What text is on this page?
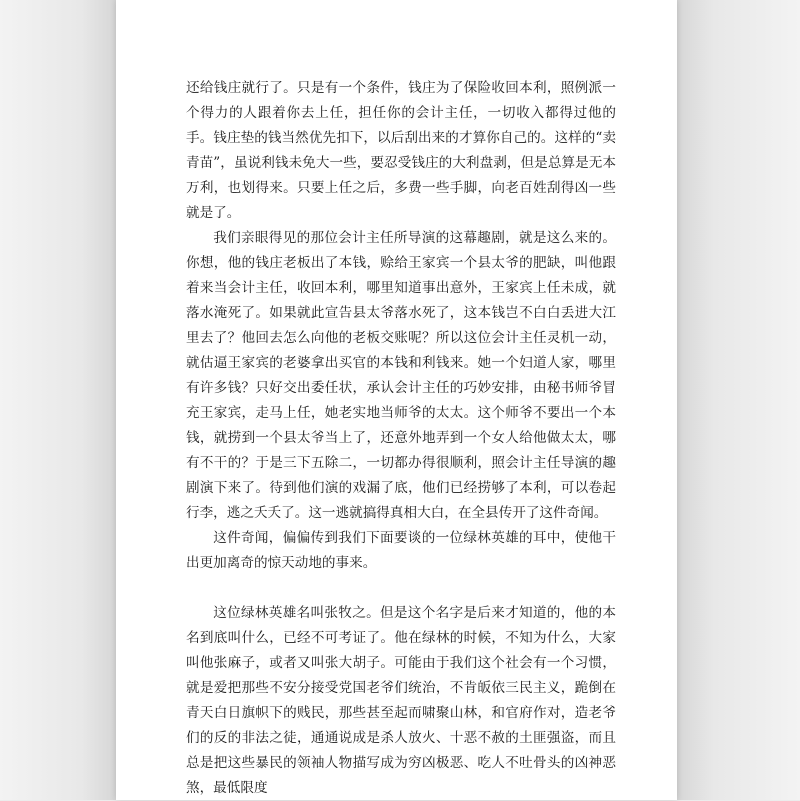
还给钱庄就行了。只是有一个条件，钱庄为了保险收回本利，照例派一个得力的人跟着你去上任，担任你的会计主任，一切收入都得过他的手。钱庄垫的钱当然优先扣下，以后刮出来的才算你自己的。这样的“卖青苗”，虽说利钱未免大一些，要忍受钱庄的大利盘剥，但是总算是无本万利，也划得来。只要上任之后，多费一些手脚，向老百姓刮得凶一些就是了。

我们亲眼得见的那位会计主任所导演的这幕趣剧，就是这么来的。你想，他的钱庄老板出了本钱，赊给王家宾一个县太爷的肥缺，叫他跟着来当会计主任，收回本利，哪里知道事出意外，王家宾上任未成，就落水淹死了。如果就此宣告县太爷落水死了，这本钱岂不白白丢进大江里去了？他回去怎么向他的老板交账呢？所以这位会计主任灵机一动，就估逼王家宾的老婆拿出买官的本钱和利钱来。她一个妇道人家，哪里有许多钱？只好交出委任状，承认会计主任的巧妙安排，由秘书师爷冒充王家宾，走马上任，她老实地当师爷的太太。这个师爷不要出一个本钱，就捞到一个县太爷当上了，还意外地弄到一个女人给他做太太，哪有不干的？于是三下五除二，一切都办得很顺利，照会计主任导演的趣剧演下来了。待到他们演的戏漏了底，他们已经捞够了本利，可以卷起行李，逃之夭夭了。这一逃就搞得真相大白，在全县传开了这件奇闻。

这件奇闻，偏偏传到我们下面要谈的一位绿林英雄的耳中，使他干出更加离奇的惊天动地的事来。

这位绿林英雄名叫张牧之。但是这个名字是后来才知道的，他的本名到底叫什么，已经不可考证了。他在绿林的时候，不知为什么，大家叫他张麻子，或者又叫张大胡子。可能由于我们这个社会有一个习惯，就是爱把那些不安分接受党国老爷们统治，不肯皈依三民主义，跪倒在青天白日旗帜下的贱民，那些甚至起而啸聚山林，和官府作对，造老爷们的反的非法之徒，通通说成是杀人放火、十恶不赦的土匪强盗，而且总是把这些暴民的领袖人物描写成为穷凶极恶、吃人不吐骨头的凶神恶煞，最低限度
